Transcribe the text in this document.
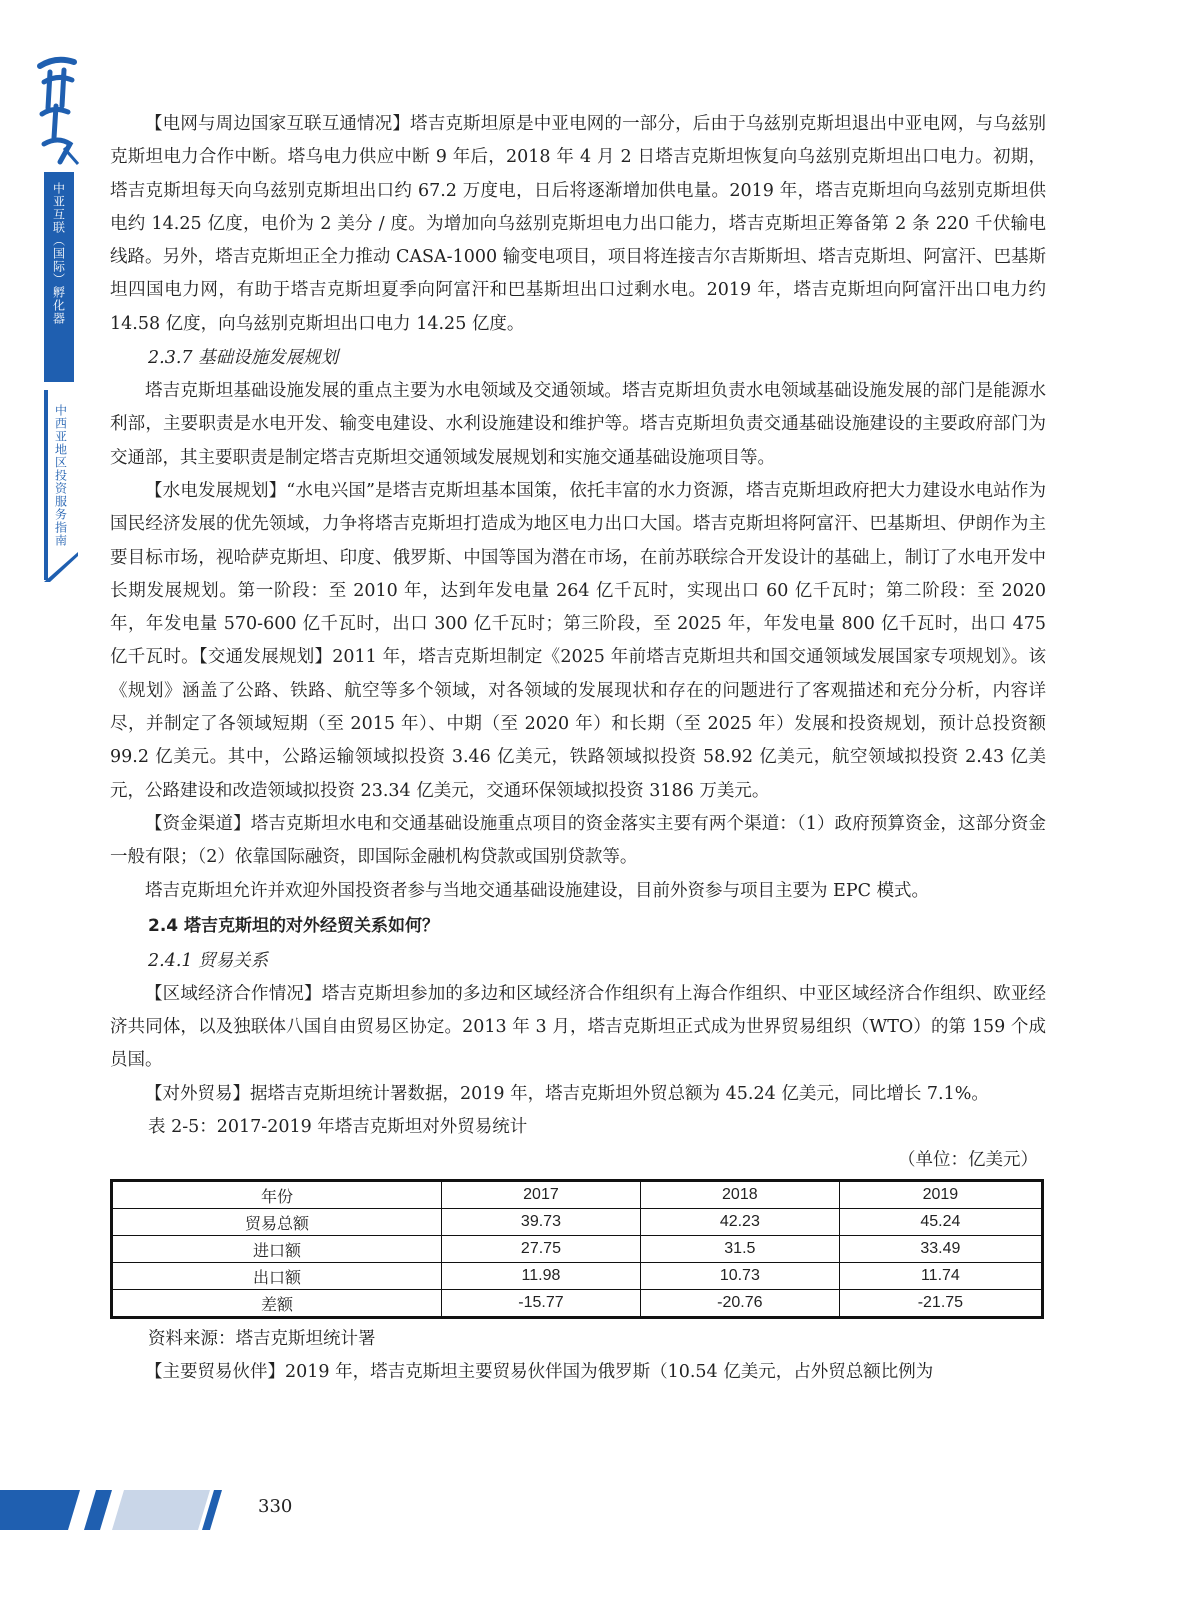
中亚互联（国际）孵化器
中西亚地区投资服务指南

【电网与周边国家互联互通情况】塔吉克斯坦原是中亚电网的一部分，后由于乌兹别克斯坦退出中亚电网，与乌兹别克斯坦电力合作中断。塔乌电力供应中断 9 年后，2018 年 4 月 2 日塔吉克斯坦恢复向乌兹别克斯坦出口电力。初期，塔吉克斯坦每天向乌兹别克斯坦出口约 67.2 万度电，日后将逐渐增加供电量。2019 年，塔吉克斯坦向乌兹别克斯坦供电约 14.25 亿度，电价为 2 美分 / 度。为增加向乌兹别克斯坦电力出口能力，塔吉克斯坦正筹备第 2 条 220 千伏输电线路。另外，塔吉克斯坦正全力推动 CASA-1000 输变电项目，项目将连接吉尔吉斯斯坦、塔吉克斯坦、阿富汗、巴基斯坦四国电力网，有助于塔吉克斯坦夏季向阿富汗和巴基斯坦出口过剩水电。2019 年，塔吉克斯坦向阿富汗出口电力约 14.58 亿度，向乌兹别克斯坦出口电力 14.25 亿度。

2.3.7 基础设施发展规划

塔吉克斯坦基础设施发展的重点主要为水电领域及交通领域。塔吉克斯坦负责水电领域基础设施发展的部门是能源水利部，主要职责是水电开发、输变电建设、水利设施建设和维护等。塔吉克斯坦负责交通基础设施建设的主要政府部门为交通部，其主要职责是制定塔吉克斯坦交通领域发展规划和实施交通基础设施项目等。

【水电发展规划】“水电兴国”是塔吉克斯坦基本国策，依托丰富的水力资源，塔吉克斯坦政府把大力建设水电站作为国民经济发展的优先领域，力争将塔吉克斯坦打造成为地区电力出口大国。塔吉克斯坦将阿富汗、巴基斯坦、伊朗作为主要目标市场，视哈萨克斯坦、印度、俄罗斯、中国等国为潜在市场，在前苏联综合开发设计的基础上，制订了水电开发中长期发展规划。第一阶段：至 2010 年，达到年发电量 264 亿千瓦时，实现出口 60 亿千瓦时；第二阶段：至 2020 年，年发电量 570-600 亿千瓦时，出口 300 亿千瓦时；第三阶段，至 2025 年，年发电量 800 亿千瓦时，出口 475 亿千瓦时。【交通发展规划】2011 年，塔吉克斯坦制定《2025 年前塔吉克斯坦共和国交通领域发展国家专项规划》。该《规划》涵盖了公路、铁路、航空等多个领域，对各领域的发展现状和存在的问题进行了客观描述和充分分析，内容详尽，并制定了各领域短期（至 2015 年）、中期（至 2020 年）和长期（至 2025 年）发展和投资规划，预计总投资额 99.2 亿美元。其中，公路运输领域拟投资 3.46 亿美元，铁路领域拟投资 58.92 亿美元，航空领域拟投资 2.43 亿美元，公路建设和改造领域拟投资 23.34 亿美元，交通环保领域拟投资 3186 万美元。

【资金渠道】塔吉克斯坦水电和交通基础设施重点项目的资金落实主要有两个渠道：（1）政府预算资金，这部分资金一般有限；（2）依靠国际融资，即国际金融机构贷款或国别贷款等。

塔吉克斯坦允许并欢迎外国投资者参与当地交通基础设施建设，目前外资参与项目主要为 EPC 模式。

2.4 塔吉克斯坦的对外经贸关系如何？

2.4.1 贸易关系

【区域经济合作情况】塔吉克斯坦参加的多边和区域经济合作组织有上海合作组织、中亚区域经济合作组织、欧亚经济共同体，以及独联体八国自由贸易区协定。2013 年 3 月，塔吉克斯坦正式成为世界贸易组织（WTO）的第 159 个成员国。

【对外贸易】据塔吉克斯坦统计署数据，2019 年，塔吉克斯坦外贸总额为 45.24 亿美元，同比增长 7.1%。

表 2-5：2017-2019 年塔吉克斯坦对外贸易统计

（单位：亿美元）

年份	2017	2018	2019
贸易总额	39.73	42.23	45.24
进口额	27.75	31.5	33.49
出口额	11.98	10.73	11.74
差额	-15.77	-20.76	-21.75

资料来源：塔吉克斯坦统计署

【主要贸易伙伴】2019 年，塔吉克斯坦主要贸易伙伴国为俄罗斯（10.54 亿美元，占外贸总额比例为

330
